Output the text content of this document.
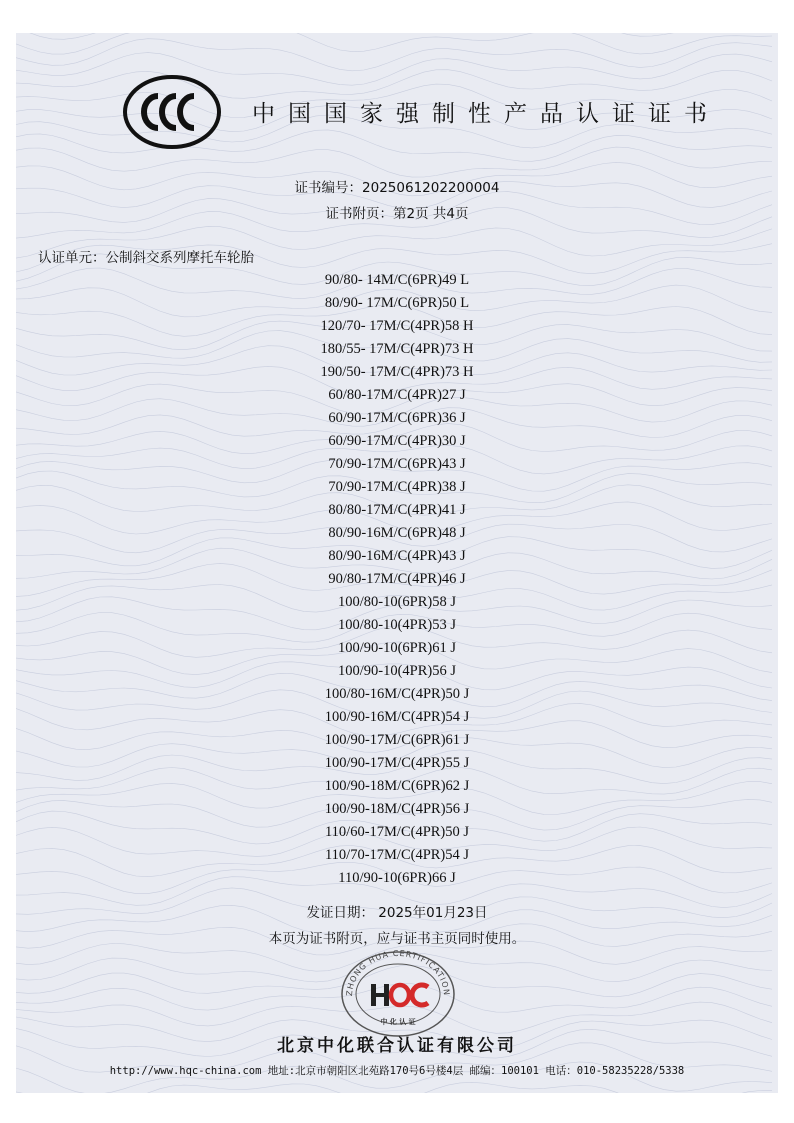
中国国家强制性产品认证证书
证书编号：2025061202200004
证书附页：第2页 共4页
认证单元：公制斜交系列摩托车轮胎
90/80- 14M/C(6PR)49 L
80/90- 17M/C(6PR)50 L
120/70- 17M/C(4PR)58 H
180/55- 17M/C(4PR)73 H
190/50- 17M/C(4PR)73 H
60/80-17M/C(4PR)27 J
60/90-17M/C(6PR)36 J
60/90-17M/C(4PR)30 J
70/90-17M/C(6PR)43 J
70/90-17M/C(4PR)38 J
80/80-17M/C(4PR)41 J
80/90-16M/C(6PR)48 J
80/90-16M/C(4PR)43 J
90/80-17M/C(4PR)46 J
100/80-10(6PR)58 J
100/80-10(4PR)53 J
100/90-10(6PR)61 J
100/90-10(4PR)56 J
100/80-16M/C(4PR)50 J
100/90-16M/C(4PR)54 J
100/90-17M/C(6PR)61 J
100/90-17M/C(4PR)55 J
100/90-18M/C(6PR)62 J
100/90-18M/C(4PR)56 J
110/60-17M/C(4PR)50 J
110/70-17M/C(4PR)54 J
110/90-10(6PR)66 J
发证日期： 2025年01月23日
本页为证书附页，应与证书主页同时使用。
ZHONG HUA CERTIFICATION
中 化 认 证
北京中化联合认证有限公司
http://www.hqc-china.com 地址:北京市朝阳区北苑路170号6号楼4层 邮编：100101 电话：010-58235228/5338
